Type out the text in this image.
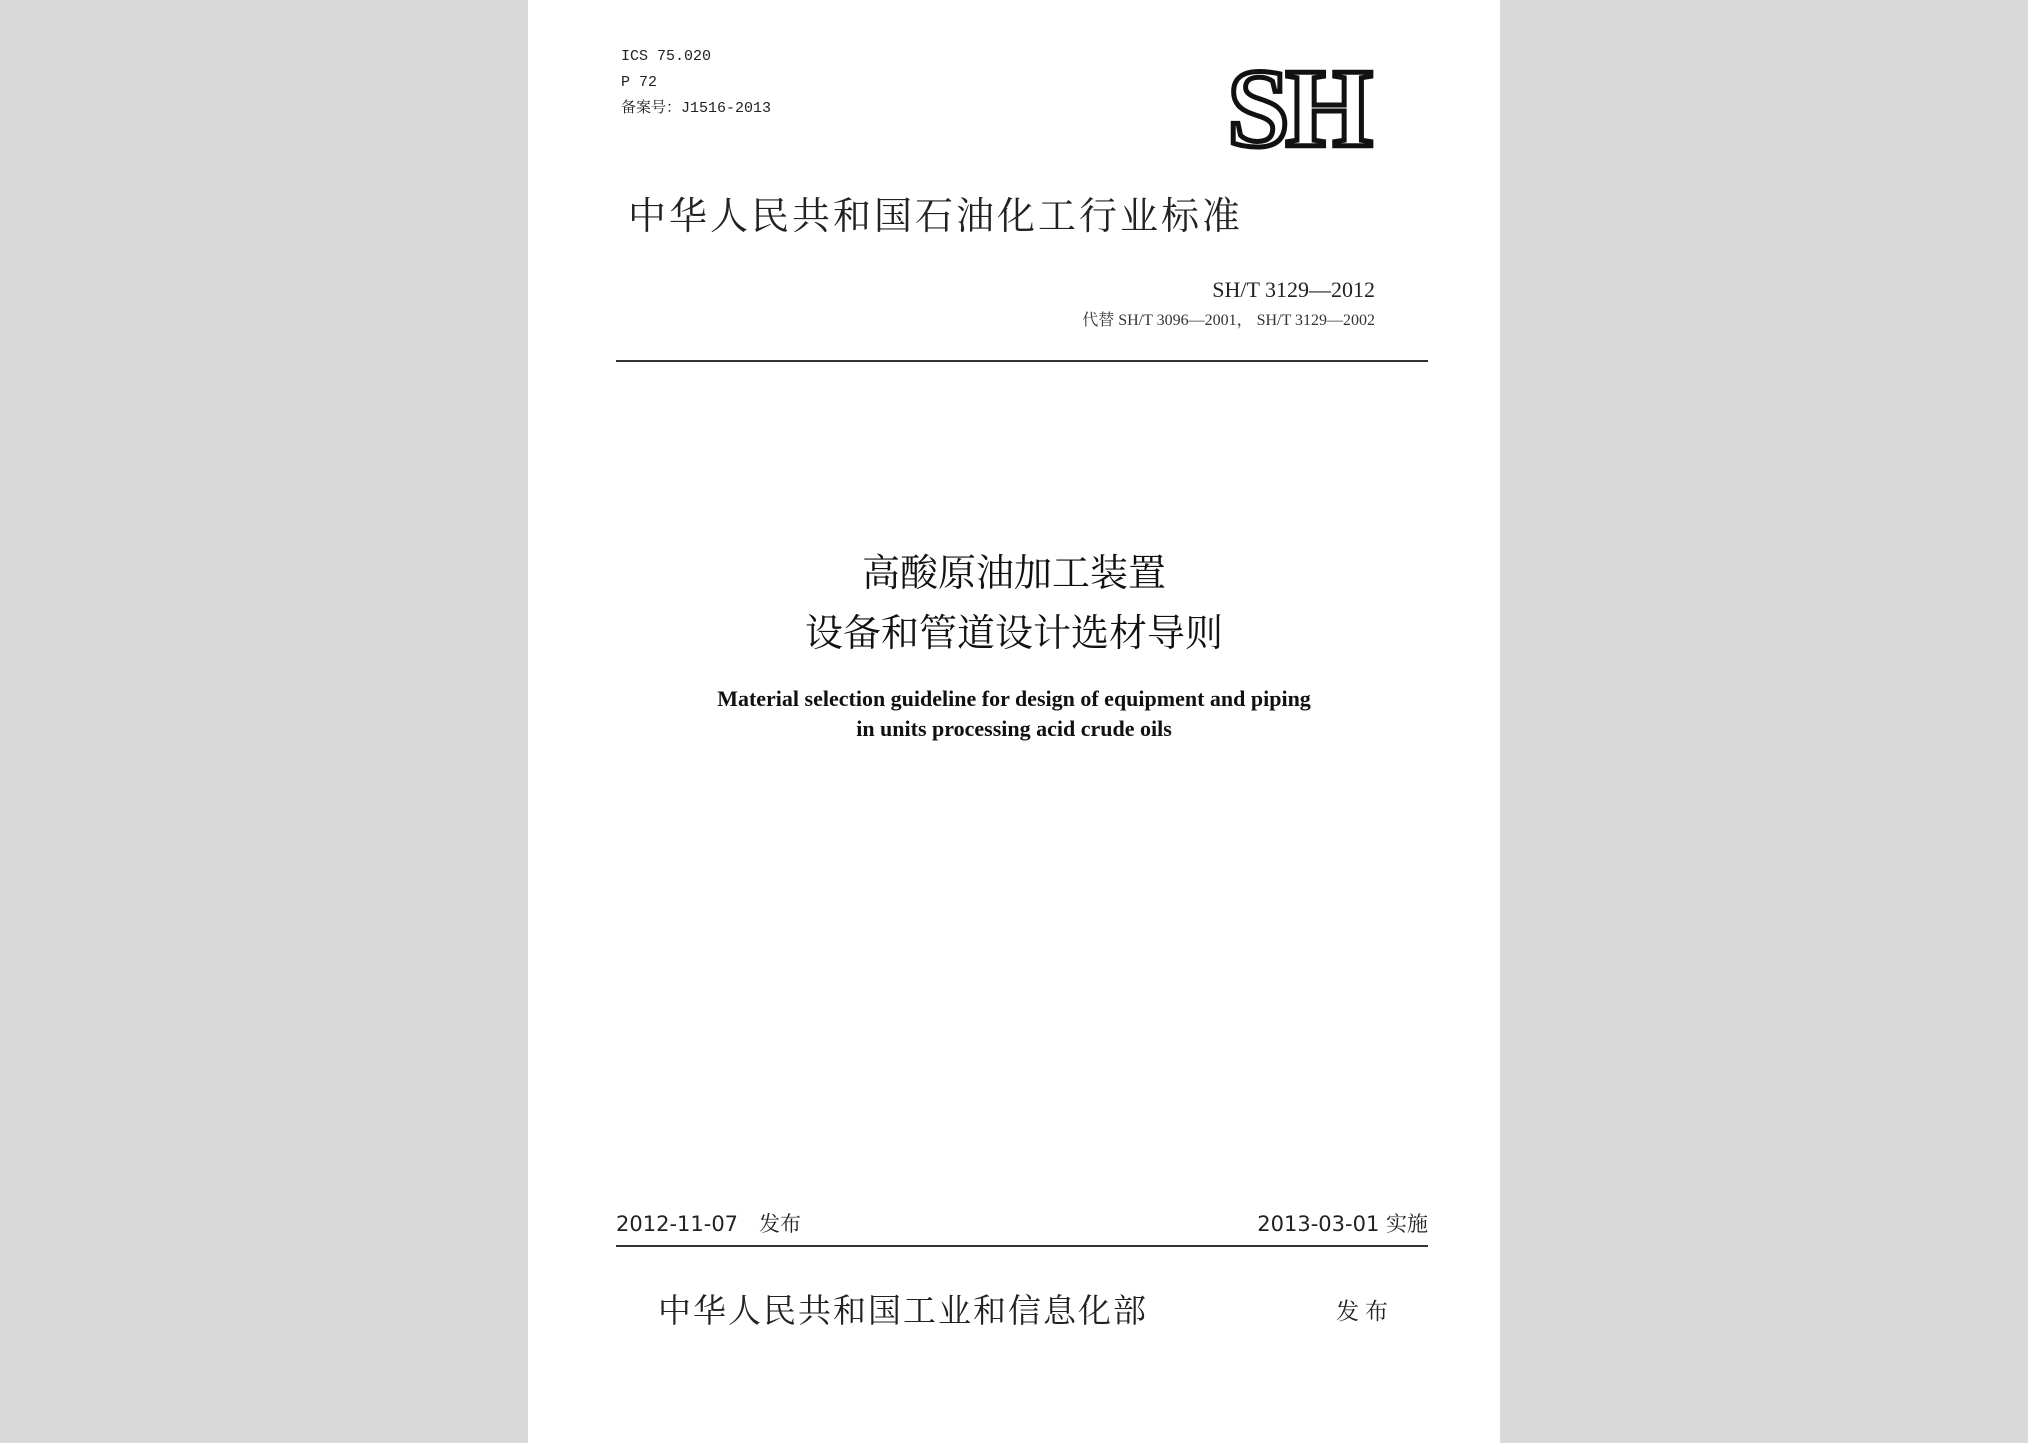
ICS 75.020
P 72
备案号：J1516-2013	SH
中华人民共和国石油化工行业标准
SH/T 3129—2012
代替 SH/T 3096—2001， SH/T 3129—2002
高酸原油加工装置
设备和管道设计选材导则
Material selection guideline for design of equipment and piping
in units processing acid crude oils
2012-11-07　发布	2013-03-01 实施
中华人民共和国工业和信息化部	发布
